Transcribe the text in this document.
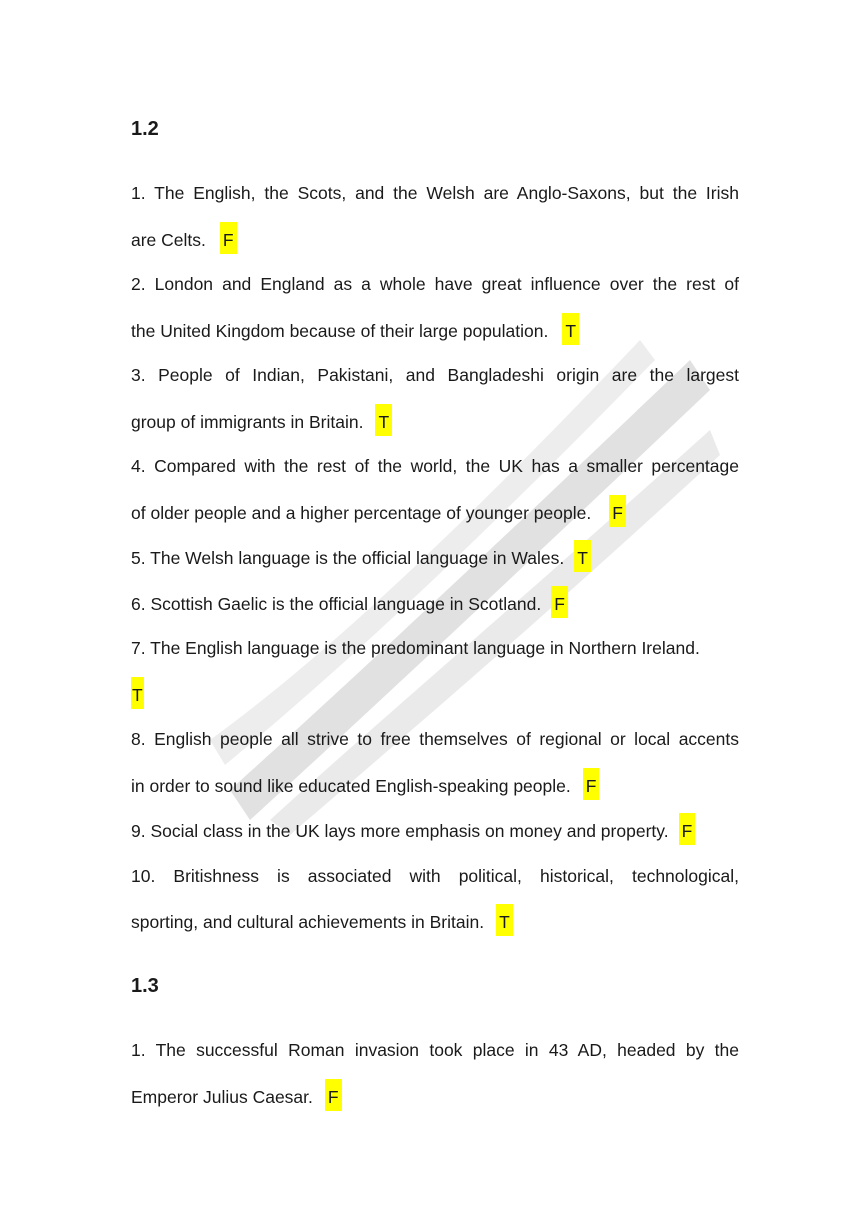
1.2
1. The English, the Scots, and the Welsh are Anglo-Saxons, but the Irish
are Celts. F
2. London and England as a whole have great influence over the rest of
the United Kingdom because of their large population. T
3. People of Indian, Pakistani, and Bangladeshi origin are the largest
group of immigrants in Britain. T
4. Compared with the rest of the world, the UK has a smaller percentage
of older people and a higher percentage of younger people. F
5. The Welsh language is the official language in Wales. T
6. Scottish Gaelic is the official language in Scotland. F
7. The English language is the predominant language in Northern Ireland.
T
8. English people all strive to free themselves of regional or local accents
in order to sound like educated English-speaking people. F
9. Social class in the UK lays more emphasis on money and property. F
10. Britishness is associated with political, historical, technological,
sporting, and cultural achievements in Britain. T
1.3
1. The successful Roman invasion took place in 43 AD, headed by the
Emperor Julius Caesar. F
